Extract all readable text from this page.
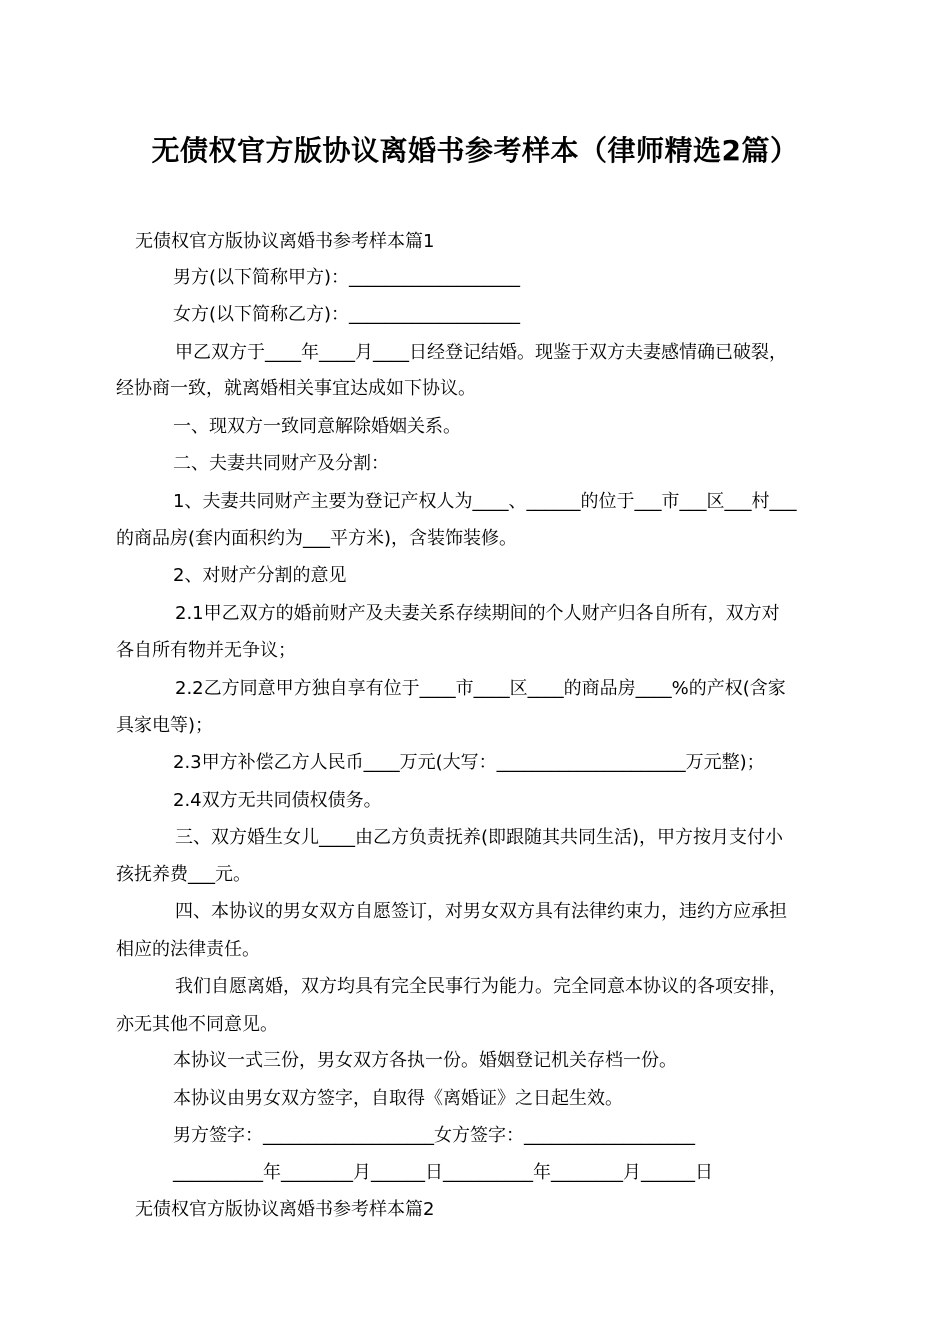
无债权官方版协议离婚书参考样本（律师精选2篇）
无债权官方版协议离婚书参考样本篇1
男方(以下简称甲方)：___________________
女方(以下简称乙方)：___________________
甲乙双方于____年____月____日经登记结婚。现鉴于双方夫妻感情确已破裂，
经协商一致，就离婚相关事宜达成如下协议。
一、现双方一致同意解除婚姻关系。
二、夫妻共同财产及分割：
1、夫妻共同财产主要为登记产权人为____、______的位于___市___区___村___
的商品房(套内面积约为___平方米)，含装饰装修。
2、对财产分割的意见
2.1甲乙双方的婚前财产及夫妻关系存续期间的个人财产归各自所有，双方对
各自所有物并无争议；
2.2乙方同意甲方独自享有位于____市____区____的商品房____%的产权(含家
具家电等)；
2.3甲方补偿乙方人民币____万元(大写：_____________________万元整)；
2.4双方无共同债权债务。
三、双方婚生女儿____由乙方负责抚养(即跟随其共同生活)，甲方按月支付小
孩抚养费___元。
四、本协议的男女双方自愿签订，对男女双方具有法律约束力，违约方应承担
相应的法律责任。
我们自愿离婚，双方均具有完全民事行为能力。完全同意本协议的各项安排，
亦无其他不同意见。
本协议一式三份，男女双方各执一份。婚姻登记机关存档一份。
本协议由男女双方签字，自取得《离婚证》之日起生效。
男方签字：___________________女方签字：___________________
__________年________月______日__________年________月______日
无债权官方版协议离婚书参考样本篇2
